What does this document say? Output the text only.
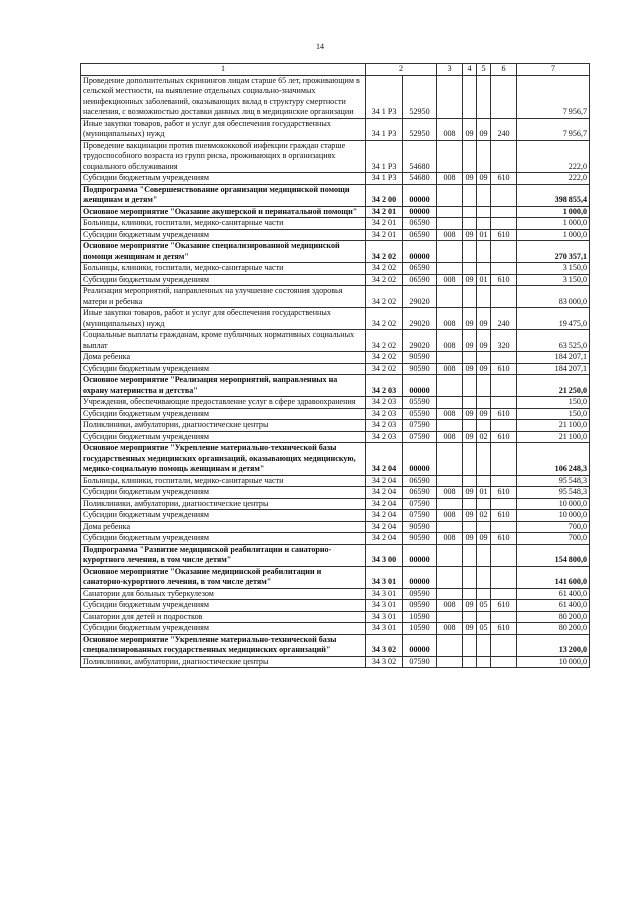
14
1	2		3	4	5	6	7
Проведение дополнительных скринингов лицам старше 65 лет, проживающим в сельской местности, на выявление отдельных социально-значимых неинфекционных заболеваний, оказывающих вклад в структуру смертности населения, с возможностью доставки данных лиц в медицинские организации	34 1 P3	52950					7 956,7
Иные закупки товаров, работ и услуг для обеспечения государственных (муниципальных) нужд	34 1 P3	52950	008	09	09	240	7 956,7
Проведение вакцинации против пневмококковой инфекции граждан старше трудоспособного возраста из групп риска, проживающих в организациях социального обслуживания	34 1 P3	54680					222,0
Субсидии бюджетным учреждениям	34 1 P3	54680	008	09	09	610	222,0
Подпрограмма "Совершенствование организации медицинской помощи женщинам и детям"	34 2 00	00000					398 855,4
Основное мероприятие "Оказание акушерской и перинатальной помощи"	34 2 01	00000					1 000,0
Больницы, клиники, госпитали, медико-санитарные части	34 2 01	06590					1 000,0
Субсидии бюджетным учреждениям	34 2 01	06590	008	09	01	610	1 000,0
Основное мероприятие "Оказание специализированной медицинской помощи женщинам и детям"	34 2 02	00000					270 357,1
Больницы, клиники, госпитали, медико-санитарные части	34 2 02	06590					3 150,0
Субсидии бюджетным учреждениям	34 2 02	06590	008	09	01	610	3 150,0
Реализация мероприятий, направленных на улучшение состояния здоровья матери и ребенка	34 2 02	29020					83 000,0
Иные закупки товаров, работ и услуг для обеспечения государственных (муниципальных) нужд	34 2 02	29020	008	09	09	240	19 475,0
Социальные выплаты гражданам, кроме публичных нормативных социальных выплат	34 2 02	29020	008	09	09	320	63 525,0
Дома ребенка	34 2 02	90590					184 207,1
Субсидии бюджетным учреждениям	34 2 02	90590	008	09	09	610	184 207,1
Основное мероприятие "Реализация мероприятий, направленных на охрану материнства и детства"	34 2 03	00000					21 250,0
Учреждения, обеспечивающие предоставление услуг в сфере здравоохранения	34 2 03	05590					150,0
Субсидии бюджетным учреждениям	34 2 03	05590	008	09	09	610	150,0
Поликлиники, амбулатории, диагностические центры	34 2 03	07590					21 100,0
Субсидии бюджетным учреждениям	34 2 03	07590	008	09	02	610	21 100,0
Основное мероприятие "Укрепление материально-технической базы государственных медицинских организаций, оказывающих медицинскую, медико-социальную помощь женщинам и детям"	34 2 04	00000					106 248,3
Больницы, клиники, госпитали, медико-санитарные части	34 2 04	06590					95 548,3
Субсидии бюджетным учреждениям	34 2 04	06590	008	09	01	610	95 548,3
Поликлиники, амбулатории, диагностические центры	34 2 04	07590					10 000,0
Субсидии бюджетным учреждениям	34 2 04	07590	008	09	02	610	10 000,0
Дома ребенка	34 2 04	90590					700,0
Субсидии бюджетным учреждениям	34 2 04	90590	008	09	09	610	700,0
Подпрограмма "Развитие медицинской реабилитации и санаторно-курортного лечения, в том числе детям"	34 3 00	00000					154 800,0
Основное мероприятие "Оказание медицинской реабилитации и санаторно-курортного лечения, в том числе детям"	34 3 01	00000					141 600,0
Санатории для больных туберкулезом	34 3 01	09590					61 400,0
Субсидии бюджетным учреждениям	34 3 01	09590	008	09	05	610	61 400,0
Санатории для детей и подростков	34 3 01	10590					80 200,0
Субсидии бюджетным учреждениям	34 3 01	10590	008	09	05	610	80 200,0
Основное мероприятие "Укрепление материально-технической базы специализированных государственных медицинских организаций"	34 3 02	00000					13 200,0
Поликлиники, амбулатории, диагностические центры	34 3 02	07590					10 000,0
